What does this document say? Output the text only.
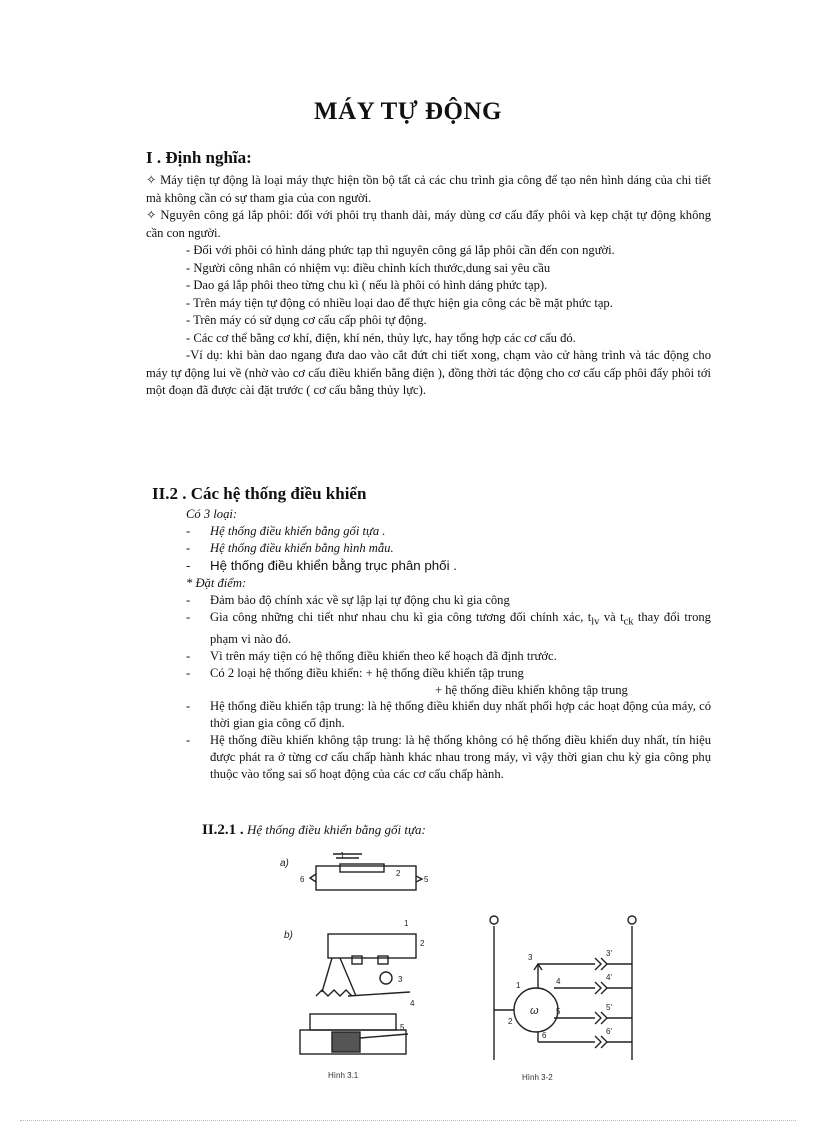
MÁY TỰ ĐỘNG
I . Định nghĩa:

✧ Máy tiện tự động là loại máy thực hiện tồn bộ tất cả các chu trình gia công để tạo nên hình dáng của chi tiết mà không cần có sự tham gia của con người.

✧ Nguyên công gá lắp phôi: đối với phôi trụ thanh dài, máy dùng cơ cấu đẩy phôi và kẹp chặt tự động không cần con người.

- Đối với phôi có hình dáng phức tạp thì nguyên công gá lắp phôi cần đến con người.

- Người công nhân có nhiệm vụ: điều chỉnh kích thước,dung sai yêu cầu

- Dao gá lắp phôi theo từng chu kì ( nếu là phôi có hình dáng phức tạp).

- Trên máy tiện tự động có nhiều loại dao để thực hiện gia công các bề mặt phức tạp.

- Trên máy có sử dụng cơ cấu cấp phôi tự động.

- Các cơ thể bằng cơ khí, điện, khí nén, thủy lực, hay tổng hợp các cơ cấu đó.

-Ví dụ: khi bàn dao ngang đưa dao vào cắt đứt chi tiết xong, chạm vào cử hàng trình và tác động cho máy tự động lui về (nhờ vào cơ cấu điều khiển bằng điện ), đồng thời tác động cho cơ cấu cấp phôi đẩy phôi tới một đoạn đã được cài đặt trước ( cơ cấu bằng thủy lực).

II.2 . Các hệ thống điều khiển

Có 3 loại:

- Hệ thống điều khiển bằng gối tựa .

- Hệ thống điều khiển bằng hình mẫu.

- Hệ thống điều khiển bằng trục phân phối .

* Đặt điểm:

- Đảm bảo độ chính xác về sự lập lại tự động chu kì gia công

- Gia công những chi tiết như nhau chu kì gia công tương đối chính xác, $t_{lv}$ và $t_{ck}$ thay đổi trong phạm vi nào đó.

- Vì trên máy tiện có hệ thống điều khiển theo kế hoạch đã định trước.

- Có 2 loại hệ thống điều khiển: + hệ thống điều khiển tập trung
+ hệ thống điều khiển không tập trung

- Hệ thống điều khiển tập trung: là hệ thống điều khiển duy nhất phối hợp các hoạt động của máy, có thời gian gia công cố định.

- Hệ thống điều khiển không tập trung: là hệ thống không có hệ thống điều khiển duy nhất, tín hiệu được phát ra ở từng cơ cấu chấp hành khác nhau trong máy, vì vậy thời gian chu kỳ gia công phụ thuộc vào tổng sai số hoạt động của các cơ cấu chấp hành.

II.2.1 . Hệ thống điều khiển bằng gối tựa:
a)
6	5
1
2
b)
1
2
3
4
5
Hình 3.1
ω
3
4
5
6
1
2
3'
4'
5'
6'
Hình 3-2
